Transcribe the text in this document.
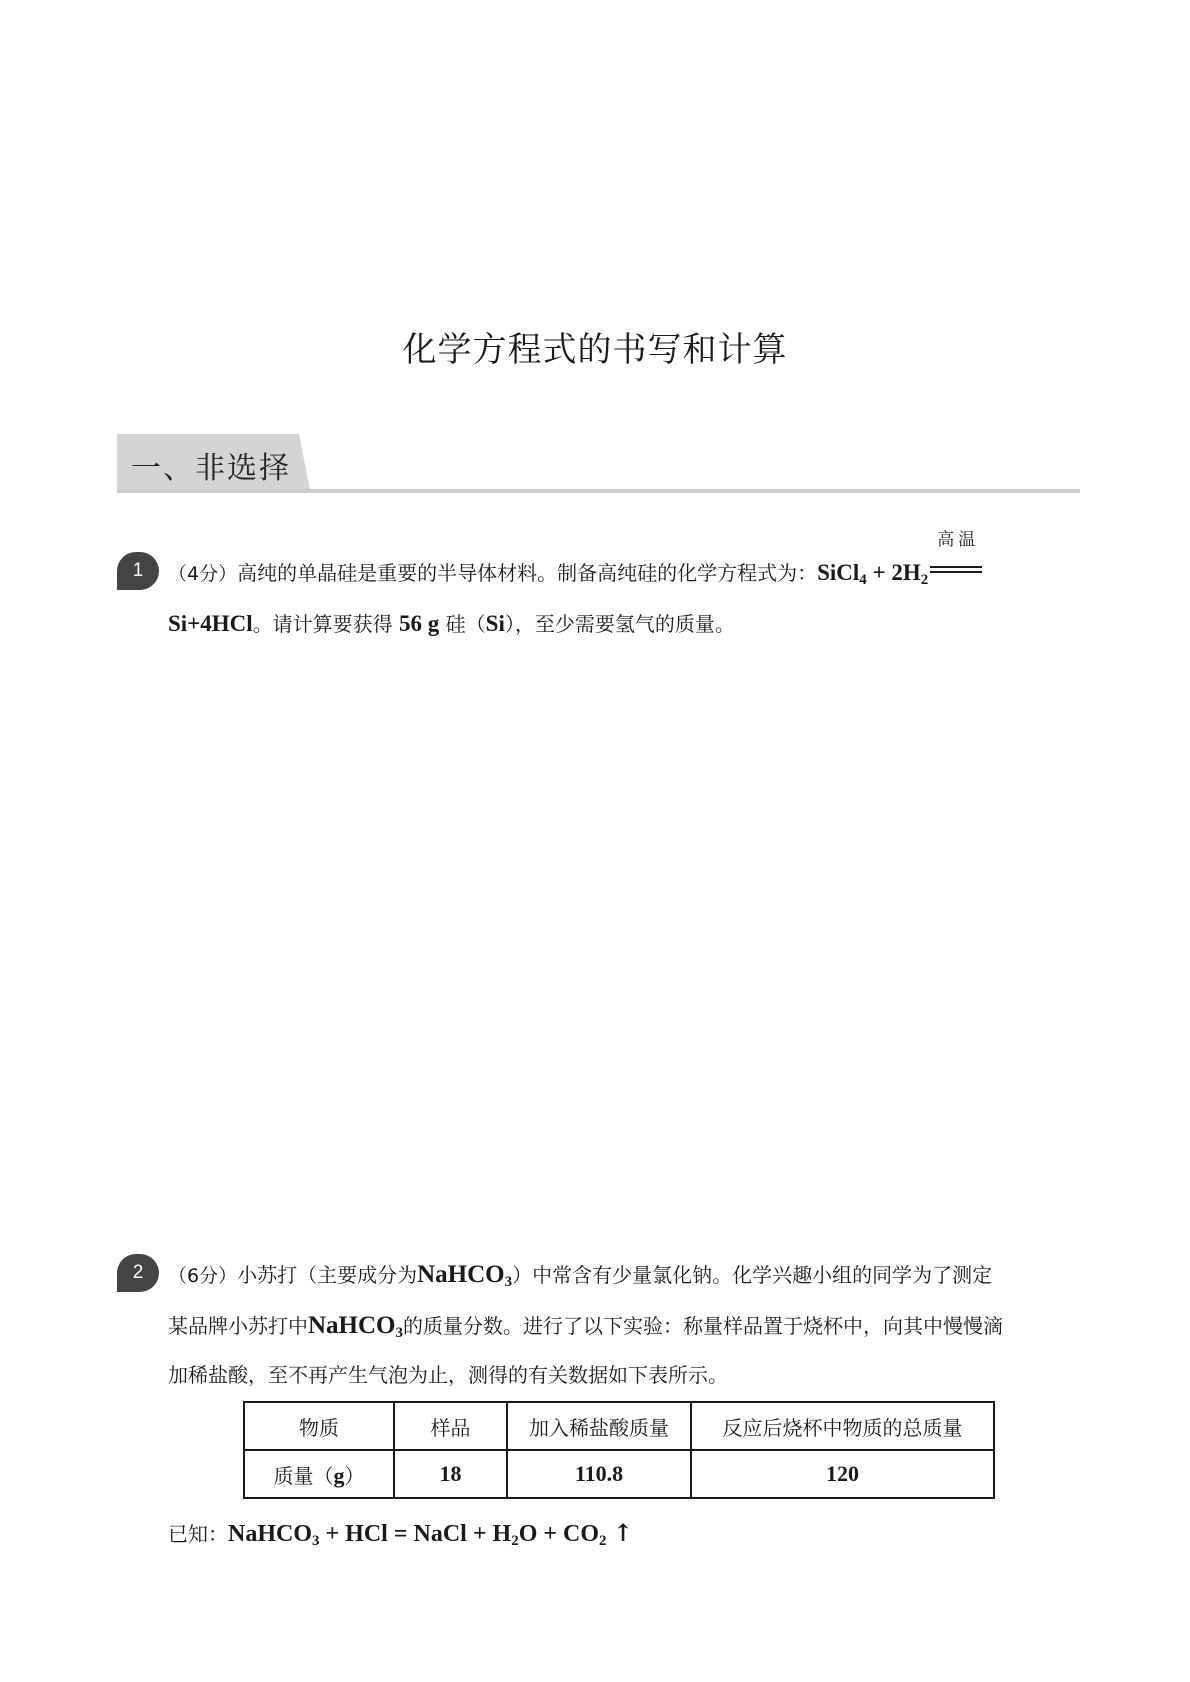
化学方程式的书写和计算
一、非选择
1	（4分）高纯的单晶硅是重要的半导体材料。制备高纯硅的化学方程式为：SiCl$_4$ + $2H_2$
高温

Si+4HCl。请计算要获得 56 g 硅（Si），至少需要氢气的质量。
2	（6分）小苏打（主要成分为NaHCO$_3$）中常含有少量氯化钠。化学兴趣小组的同学为了测定
某品牌小苏打中NaHCO$_3$的质量分数。进行了以下实验：称量样品置于烧杯中，向其中慢慢滴
加稀盐酸，至不再产生气泡为止，测得的有关数据如下表所示。
物质	样品	加入稀盐酸质量	反应后烧杯中物质的总质量
质量（g）	18	110.8	120
已知：NaHCO$_3$ + HCl = NaCl + $H_2O + CO_2$ ↑
